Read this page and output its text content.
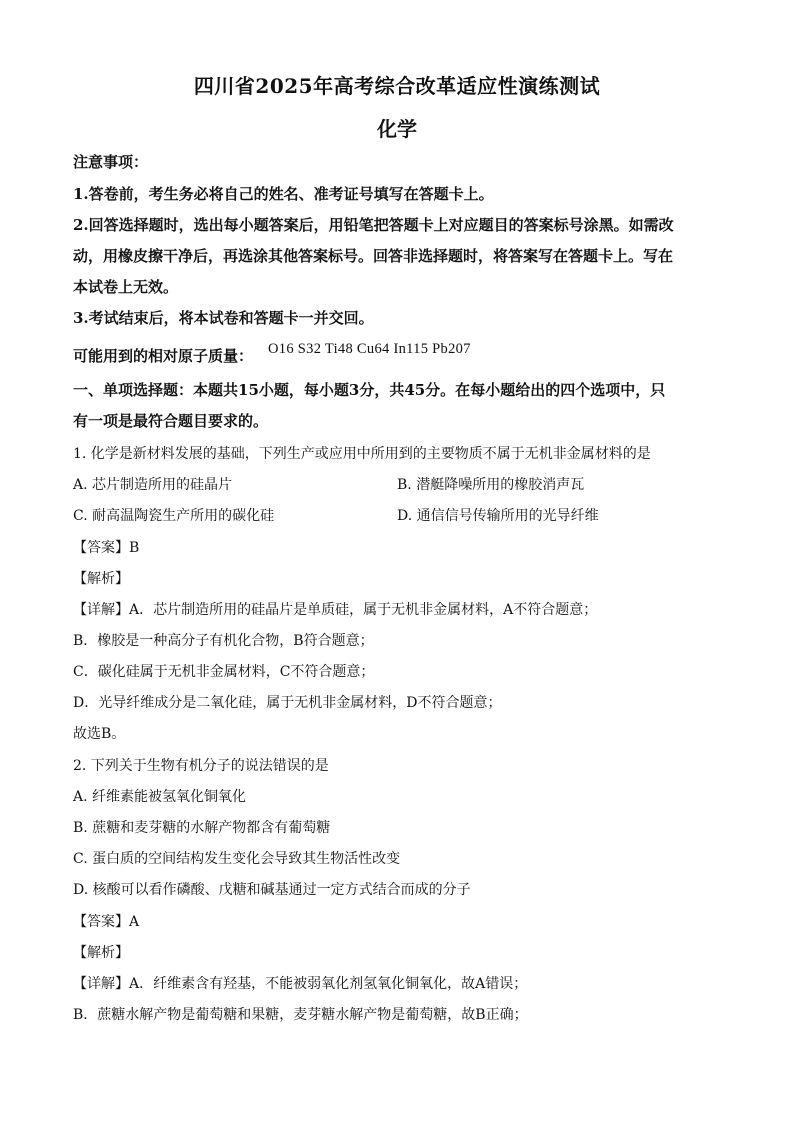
四川省2025年高考综合改革适应性演练测试
化学
注意事项：
1.答卷前，考生务必将自己的姓名、准考证号填写在答题卡上。
2.回答选择题时，选出每小题答案后，用铅笔把答题卡上对应题目的答案标号涂黑。如需改
动，用橡皮擦干净后，再选涂其他答案标号。回答非选择题时，将答案写在答题卡上。写在
本试卷上无效。
3.考试结束后，将本试卷和答题卡一并交回。
可能用到的相对原子质量： O16 S32 Ti48 Cu64 In115 Pb207
一、单项选择题：本题共15小题，每小题3分，共45分。在每小题给出的四个选项中，只
有一项是最符合题目要求的。
1. 化学是新材料发展的基础，下列生产或应用中所用到的主要物质不属于无机非金属材料的是
A. 芯片制造所用的硅晶片	B. 潜艇降噪所用的橡胶消声瓦
C. 耐高温陶瓷生产所用的碳化硅	D. 通信信号传输所用的光导纤维
【答案】B
【解析】
【详解】A．芯片制造所用的硅晶片是单质硅，属于无机非金属材料，A不符合题意；
B．橡胶是一种高分子有机化合物，B符合题意；
C．碳化硅属于无机非金属材料，C不符合题意；
D．光导纤维成分是二氧化硅，属于无机非金属材料，D不符合题意；
故选B。
2. 下列关于生物有机分子的说法错误的是
A. 纤维素能被氢氧化铜氧化
B. 蔗糖和麦芽糖的水解产物都含有葡萄糖
C. 蛋白质的空间结构发生变化会导致其生物活性改变
D. 核酸可以看作磷酸、戊糖和碱基通过一定方式结合而成的分子
【答案】A
【解析】
【详解】A．纤维素含有羟基，不能被弱氧化剂氢氧化铜氧化，故A错误；
B．蔗糖水解产物是葡萄糖和果糖，麦芽糖水解产物是葡萄糖，故B正确；
